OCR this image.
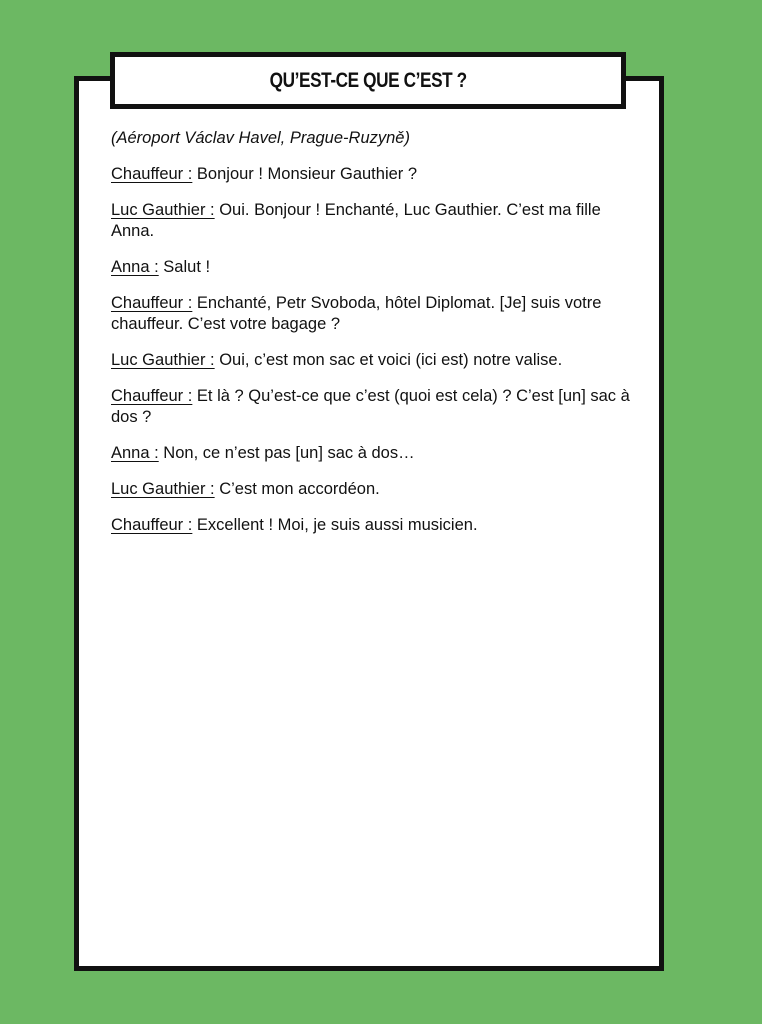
QU’EST-CE QUE C’EST ?

(Aéroport Václav Havel, Prague-Ruzyně)

Chauffeur : Bonjour ! Monsieur Gauthier ?

Luc Gauthier : Oui. Bonjour ! Enchanté, Luc Gauthier. C’est ma fille Anna.

Anna : Salut !

Chauffeur : Enchanté, Petr Svoboda, hôtel Diplomat. [Je] suis votre chauffeur. C’est votre bagage ?

Luc Gauthier : Oui, c’est mon sac et voici (ici est) notre valise.

Chauffeur : Et là ? Qu’est-ce que c’est (quoi est cela) ? C’est [un] sac à dos ?

Anna : Non, ce n’est pas [un] sac à dos…

Luc Gauthier : C’est mon accordéon.

Chauffeur : Excellent ! Moi, je suis aussi musicien.
